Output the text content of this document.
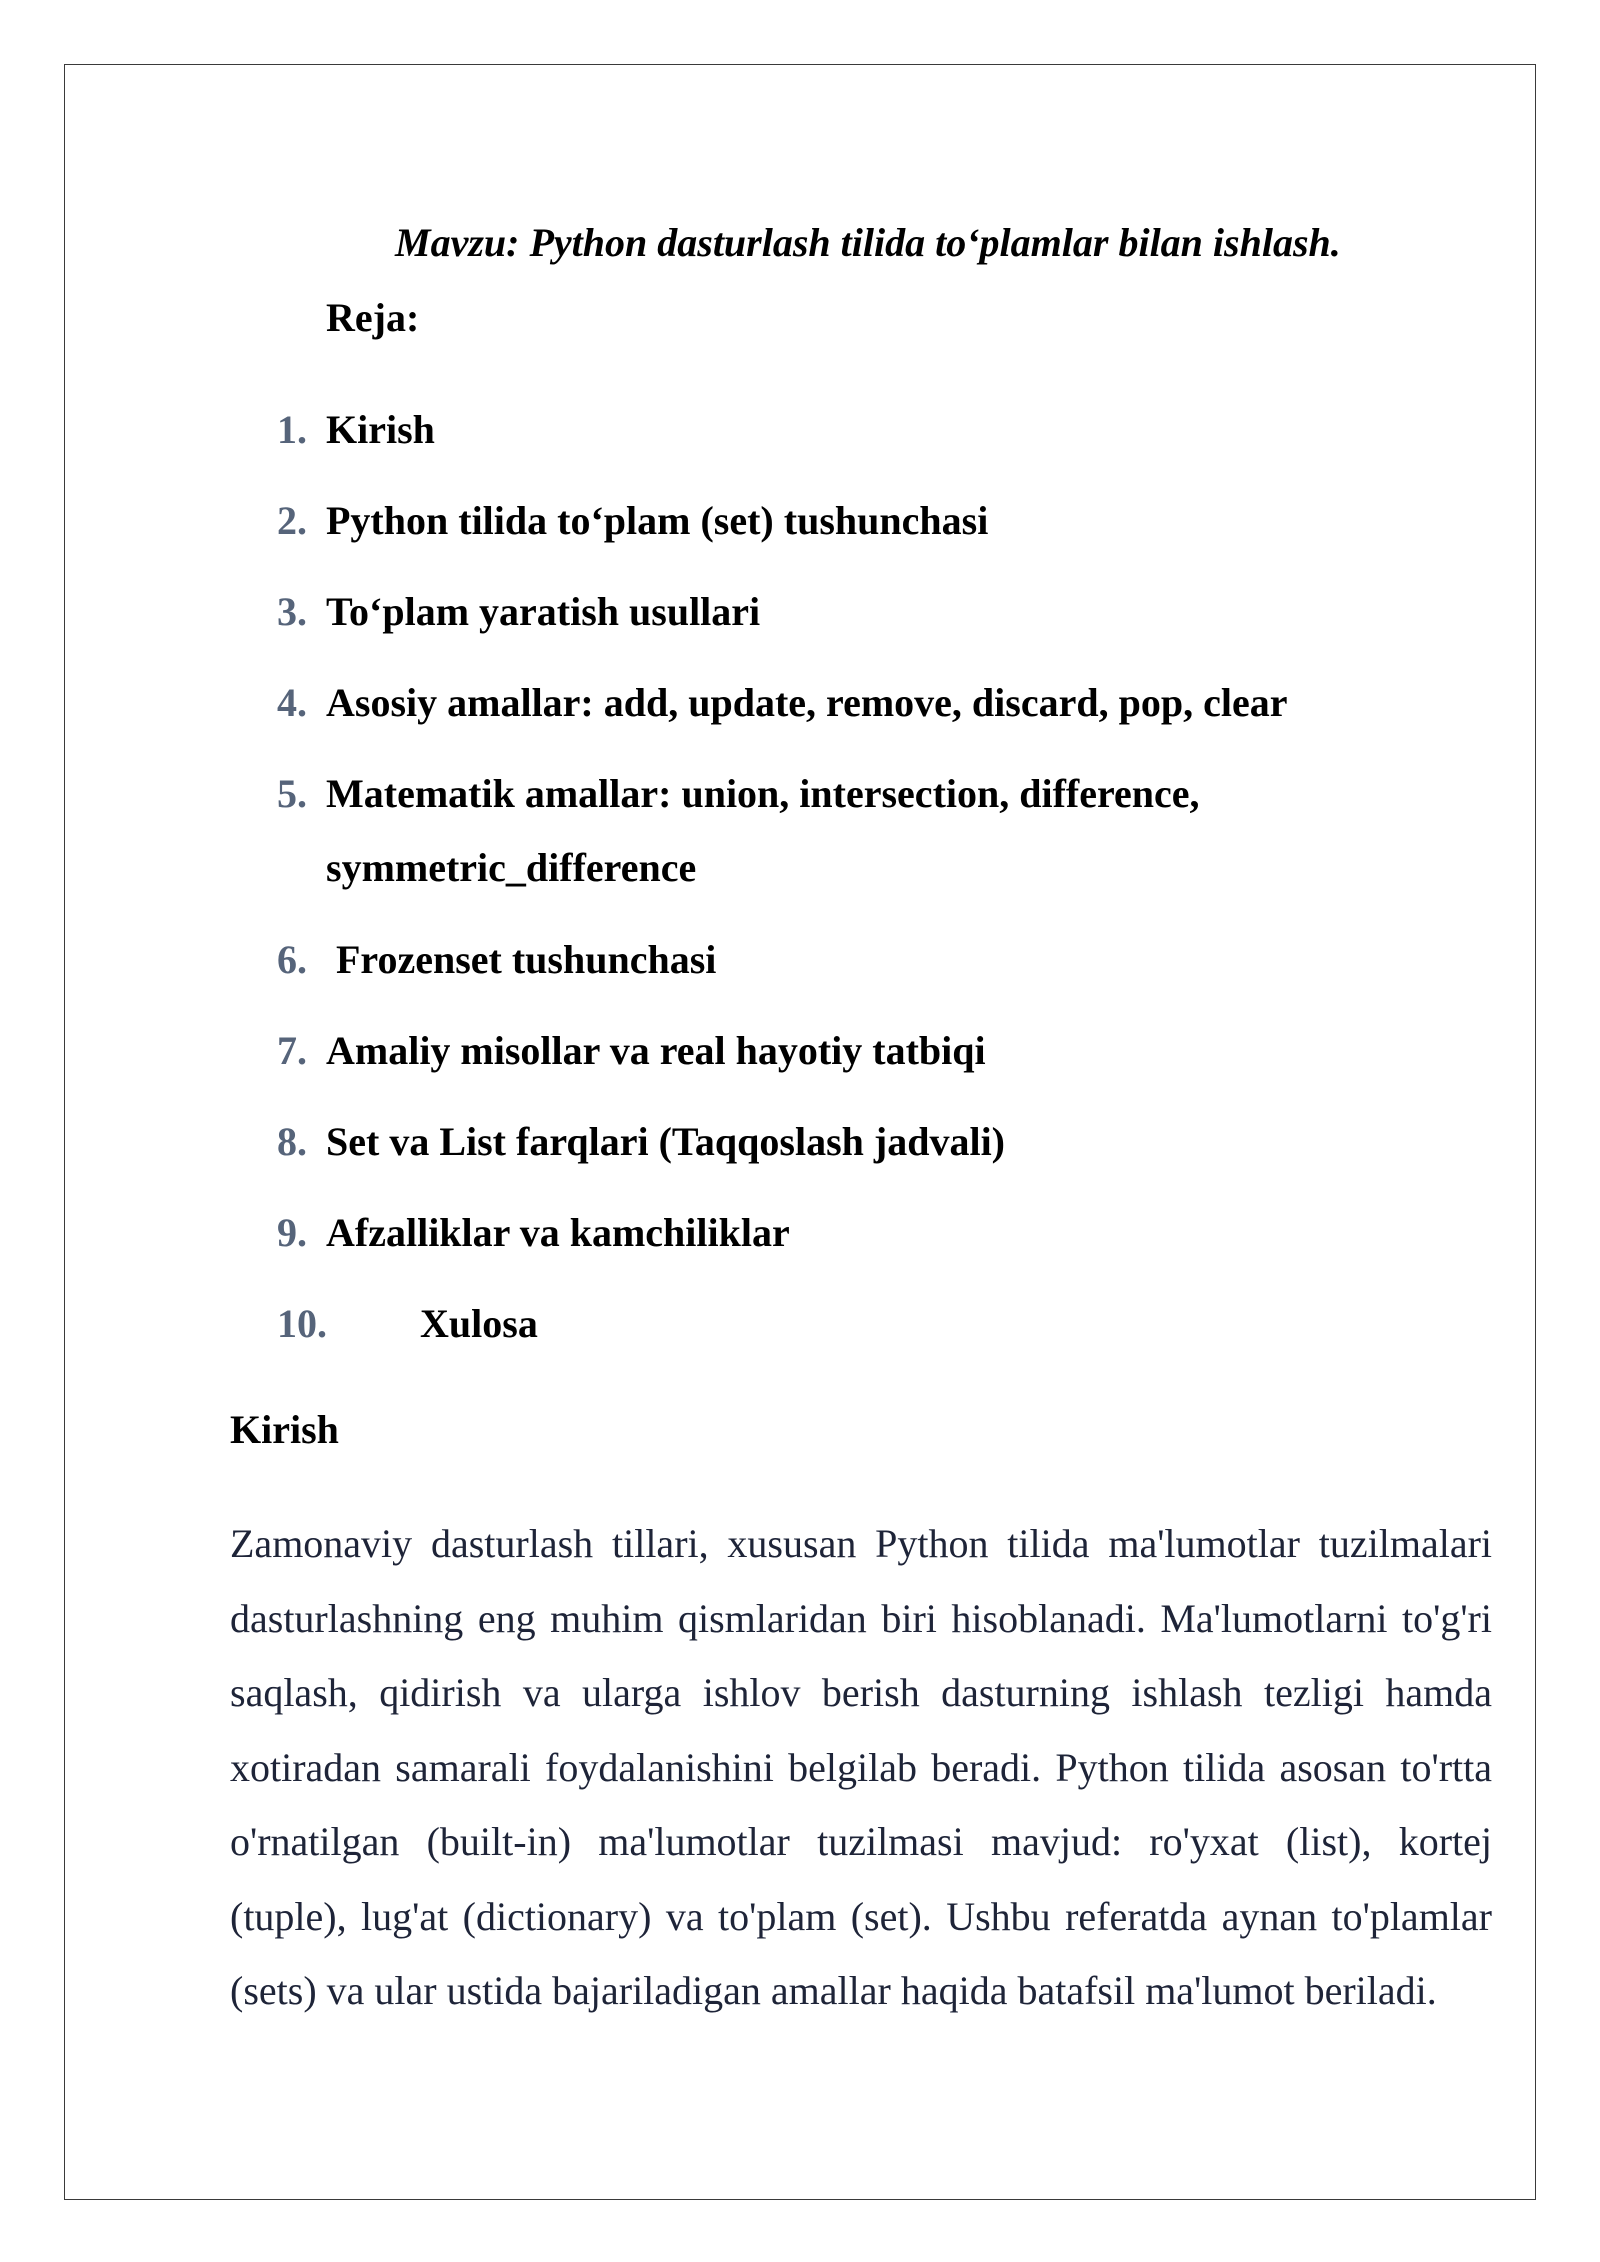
Mavzu: Python dasturlash tilida to‘plamlar bilan ishlash.
Reja:
1. Kirish
2. Python tilida to‘plam (set) tushunchasi
3. To‘plam yaratish usullari
4. Asosiy amallar: add, update, remove, discard, pop, clear
5. Matematik amallar: union, intersection, difference, symmetric_difference
6. Frozenset tushunchasi
7. Amaliy misollar va real hayotiy tatbiqi
8. Set va List farqlari (Taqqoslash jadvali)
9. Afzalliklar va kamchiliklar
10. Xulosa
Kirish

Zamonaviy dasturlash tillari, xususan Python tilida ma'lumotlar tuzilmalari dasturlashning eng muhim qismlaridan biri hisoblanadi. Ma'lumotlarni to'g'ri saqlash, qidirish va ularga ishlov berish dasturning ishlash tezligi hamda xotiradan samarali foydalanishini belgilab beradi. Python tilida asosan to'rtta o'rnatilgan (built-in) ma'lumotlar tuzilmasi mavjud: ro'yxat (list), kortej (tuple), lug'at (dictionary) va to'plam (set). Ushbu referatda aynan to'plamlar (sets) va ular ustida bajariladigan amallar haqida batafsil ma'lumot beriladi.
